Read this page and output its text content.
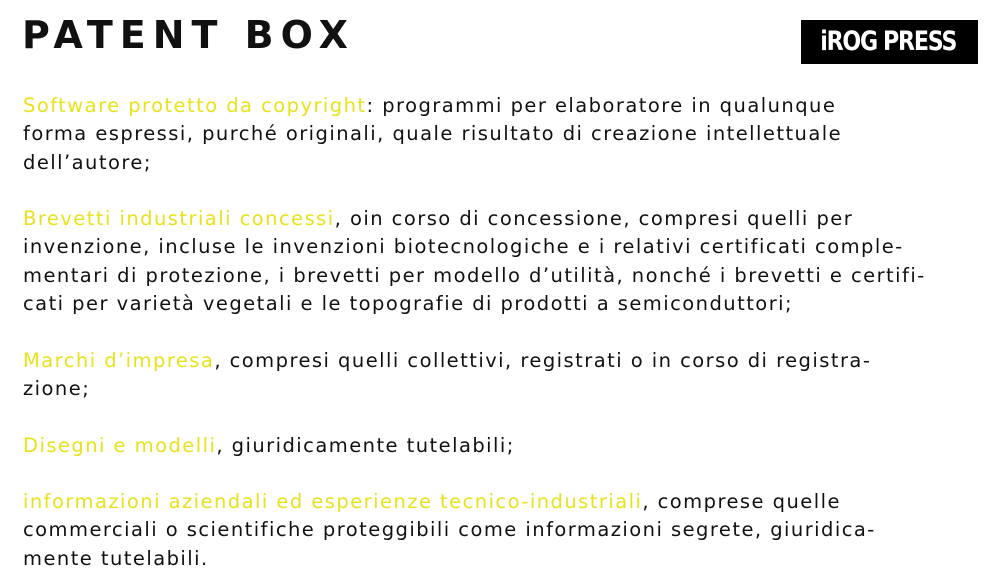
PATENT BOX	iROG PRESS

Software protetto da copyright: programmi per elaboratore in qualunque
forma espressi, purché originali, quale risultato di creazione intellettuale
dell’autore;

Brevetti industriali concessi, oin corso di concessione, compresi quelli per
invenzione, incluse le invenzioni biotecnologiche e i relativi certificati comple-
mentari di protezione, i brevetti per modello d’utilità, nonché i brevetti e certifi-
cati per varietà vegetali e le topografie di prodotti a semiconduttori;

Marchi d’impresa, compresi quelli collettivi, registrati o in corso di registra-
zione;

Disegni e modelli, giuridicamente tutelabili;

informazioni aziendali ed esperienze tecnico-industriali, comprese quelle
commerciali o scientifiche proteggibili come informazioni segrete, giuridica-
mente tutelabili.
